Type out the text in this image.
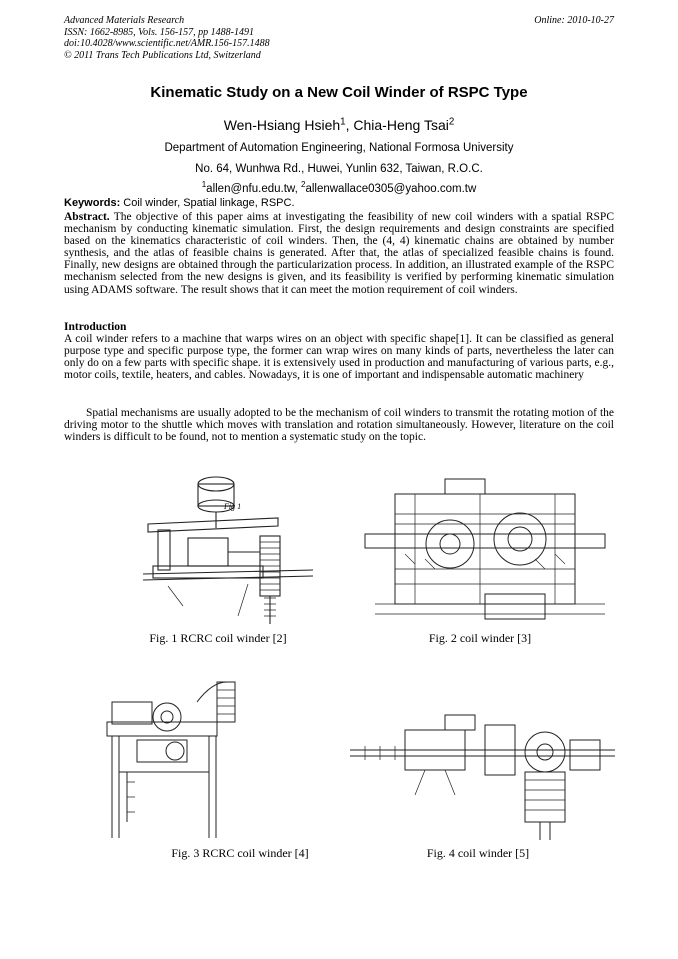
Advanced Materials Research
ISSN: 1662-8985, Vols. 156-157, pp 1488-1491
doi:10.4028/www.scientific.net/AMR.156-157.1488
© 2011 Trans Tech Publications Ltd, Switzerland
Online: 2010-10-27
Kinematic Study on a New Coil Winder of RSPC Type
Wen-Hsiang Hsieh$^1$, Chia-Heng Tsai$^2$
Department of Automation Engineering, National Formosa University
No. 64, Wunhwa Rd., Huwei, Yunlin 632, Taiwan, R.O.C.
$^1$allen@nfu.edu.tw, $^2$allenwallace0305@yahoo.com.tw
Keywords: Coil winder, Spatial linkage, RSPC.
Abstract. The objective of this paper aims at investigating the feasibility of new coil winders with a spatial RSPC mechanism by conducting kinematic simulation. First, the design requirements and design constraints are specified based on the kinematics characteristic of coil winders. Then, the (4, 4) kinematic chains are obtained by number synthesis, and the atlas of feasible chains is generated. After that, the atlas of specialized feasible chains is found. Finally, new designs are obtained through the particularization process. In addition, an illustrated example of the RSPC mechanism selected from the new designs is given, and its feasibility is verified by performing kinematic simulation using ADAMS software. The result shows that it can meet the motion requirement of coil winders.
Introduction
A coil winder refers to a machine that warps wires on an object with specific shape[1]. It can be classified as general purpose type and specific purpose type, the former can wrap wires on many kinds of parts, nevertheless the later can only do on a few parts with specific shape. it is extensively used in production and manufacturing of various parts, e.g., motor coils, textile, heaters, and cables. Nowadays, it is one of important and indispensable automatic machinery
Spatial mechanisms are usually adopted to be the mechanism of coil winders to transmit the rotating motion of the driving motor to the shuttle which moves with translation and rotation simultaneously. However, literature on the coil winders is difficult to be found, not to mention a systematic study on the topic.
Fig 1
Fig. 1 RCRC coil winder [2]	Fig. 2 coil winder [3]
Fig. 3 RCRC coil winder [4]	Fig. 4 coil winder [5]
